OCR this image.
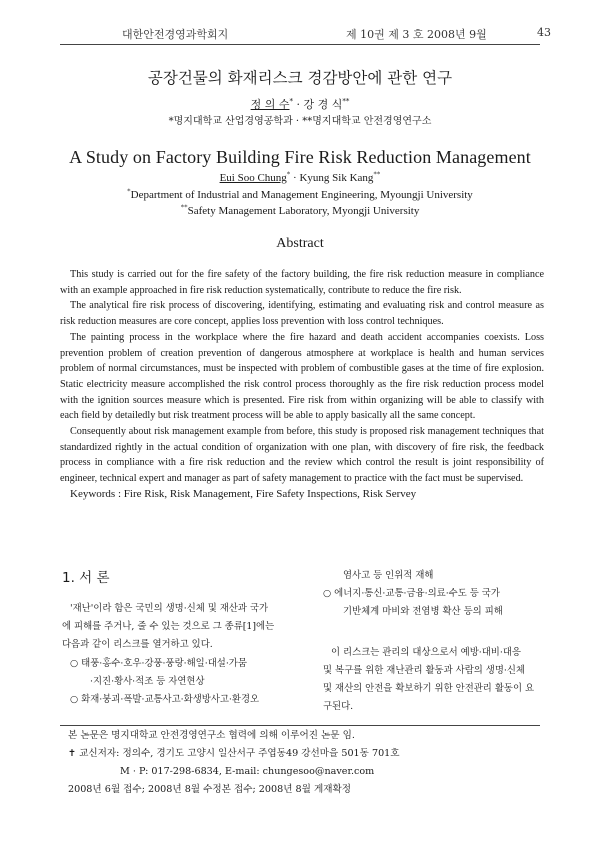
대한안전경영과학회지	제 10권 제 3 호 2008년 9월	43
공장건물의 화재리스크 경감방안에 관한 연구
정 의 수* · 강 경 식**
*명지대학교 산업경영공학과 · **명지대학교 안전경영연구소
A Study on Factory Building Fire Risk Reduction Management
Eui Soo Chung* · Kyung Sik Kang**
*Department of Industrial and Management Engineering, Myoungji University
**Safety Management Laboratory, Myongji University
Abstract

This study is carried out for the fire safety of the factory building, the fire risk reduction measure in compliance with an example approached in fire risk reduction systematically, contribute to reduce the fire risk.

The analytical fire risk process of discovering, identifying, estimating and evaluating risk and control measure as risk reduction measures are core concept, applies loss prevention with loss control techniques.

The painting process in the workplace where the fire hazard and death accident accompanies coexists. Loss prevention problem of creation prevention of dangerous atmosphere at workplace is health and human services problem of normal circumstances, must be inspected with problem of combustible gases at the time of fire explosion. Static electricity measure accomplished the risk control process thoroughly as the fire risk reduction process model with the ignition sources measure which is presented. Fire risk from within organizing will be able to classify with each field by detailedly but risk treatment process will be able to apply basically all the same concept.

Consequently about risk management example from before, this study is proposed risk management techniques that standardized rightly in the actual condition of organization with one plan, with discovery of fire risk, the feedback process in compliance with a fire risk reduction and the review which control the result is joint responsibility of engineer, technical expert and manager as part of safety management to practice with the fact must be supervised.

Keywords : Fire Risk, Risk Management, Fire Safety Inspections, Risk Servey

1. 서 론

'재난'이라 함은 국민의 생명·신체 및 재산과 국가

에 피해를 주거나, 줄 수 있는 것으로 그 종류[1]에는

다음과 같이 리스크를 열거하고 있다.

○ 태풍·홍수·호우·강풍·풍랑·해일·대설·가뭄

·지진·황사·적조 등 자연현상

○ 화재·붕괴·폭발·교통사고·화생방사고·환경오

염사고 등 인위적 재해

○ 에너지·통신·교통·금융·의료·수도 등 국가

기반체계 마비와 전염병 확산 등의 피해

이 리스크는 관리의 대상으로서 예방·대비·대응

및 복구를 위한 재난관리 활동과 사람의 생명·신체

및 재산의 안전을 확보하기 위한 안전관리 활동이 요

구된다.

본 논문은 명지대학교 안전경영연구소 협력에 의해 이루어진 논문 임.
✝ 교신저자: 정의수, 경기도 고양시 일산서구 주엽동49 강선마을 501동 701호
M · P: 017-298-6834, E-mail: chungesoo@naver.com
2008년 6월 접수; 2008년 8월 수정본 접수; 2008년 8월 게재확정
